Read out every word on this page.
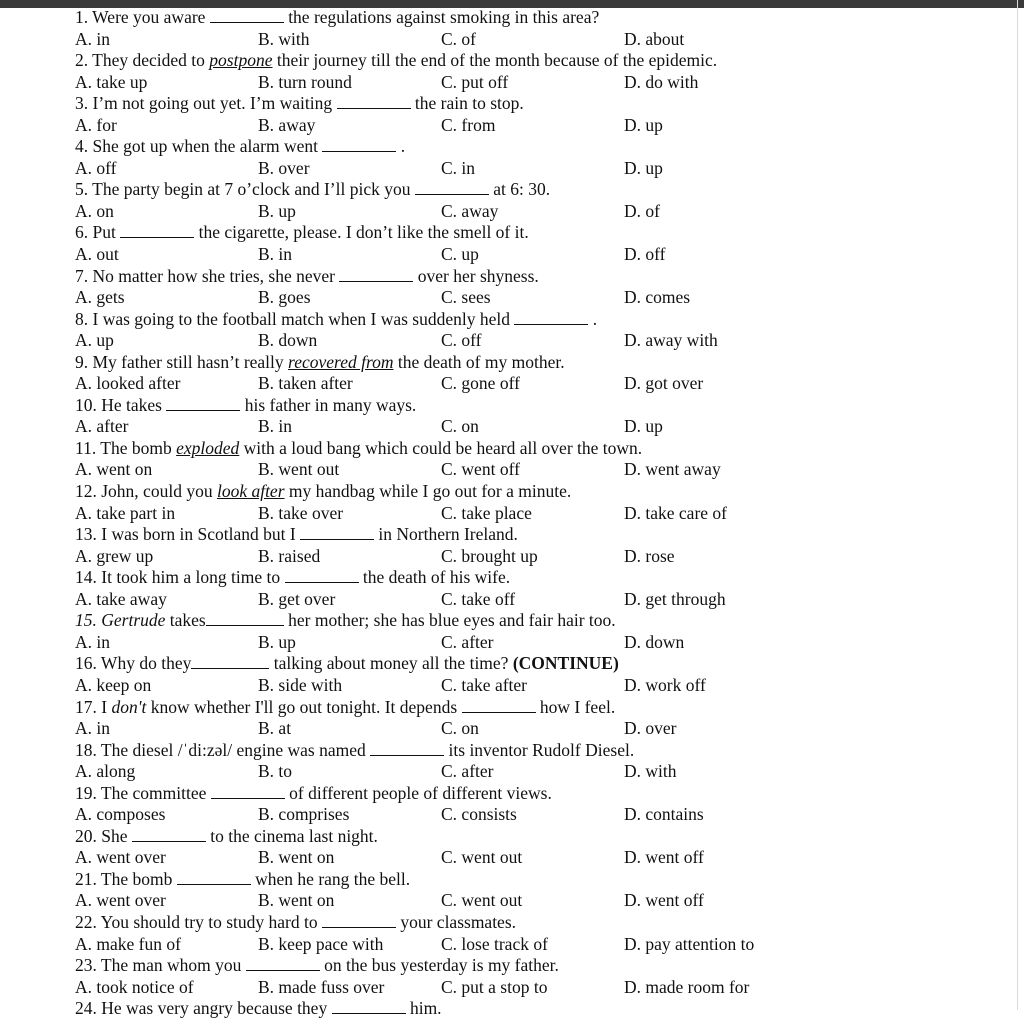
1. Were you aware	the regulations against smoking in this area?
A. in	B. with	C. of	D. about
2. They decided to postpone their journey till the end of the month because of the epidemic.
A. take up	B. turn round	C. put off	D. do with
3. I’m not going out yet. I’m waiting	the rain to stop.
A. for	B. away	C. from	D. up
4. She got up when the alarm went	.
A. off	B. over	C. in	D. up
5. The party begin at 7 o’clock and I’ll pick you	at 6: 30.
A. on	B. up	C. away	D. of
6. Put	the cigarette, please. I don’t like the smell of it.
A. out	B. in	C. up	D. off
7. No matter how she tries, she never	over her shyness.
A. gets	B. goes	C. sees	D. comes
8. I was going to the football match when I was suddenly held	.
A. up	B. down	C. off	D. away with
9. My father still hasn’t really recovered from the death of my mother.
A. looked after	B. taken after	C. gone off	D. got over
10. He takes	his father in many ways.
A. after	B. in	C. on	D. up
11. The bomb exploded with a loud bang which could be heard all over the town.
A. went on	B. went out	C. went off	D. went away
12. John, could you look after my handbag while I go out for a minute.
A. take part in	B. take over	C. take place	D. take care of
13. I was born in Scotland but I	in Northern Ireland.
A. grew up	B. raised	C. brought up	D. rose
14. It took him a long time to	the death of his wife.
A. take away	B. get over	C. take off	D. get through
15. Gertrude takes	her mother; she has blue eyes and fair hair too.
A. in	B. up	C. after	D. down
16. Why do they	talking about money all the time? (CONTINUE)
A. keep on	B. side with	C. take after	D. work off
17. I don't know whether I'll go out tonight. It depends	how I feel.
A. in	B. at	C. on	D. over
18. The diesel /ˈdi:zəl/ engine was named	its inventor Rudolf Diesel.
A. along	B. to	C. after	D. with
19. The committee	of different people of different views.
A. composes	B. comprises	C. consists	D. contains
20. She	to the cinema last night.
A. went over	B. went on	C. went out	D. went off
21. The bomb	when he rang the bell.
A. went over	B. went on	C. went out	D. went off
22. You should try to study hard to	your classmates.
A. make fun of	B. keep pace with	C. lose track of	D. pay attention to
23. The man whom you	on the bus yesterday is my father.
A. took notice of	B. made fuss over	C. put a stop to	D. made room for
24. He was very angry because they	him.
